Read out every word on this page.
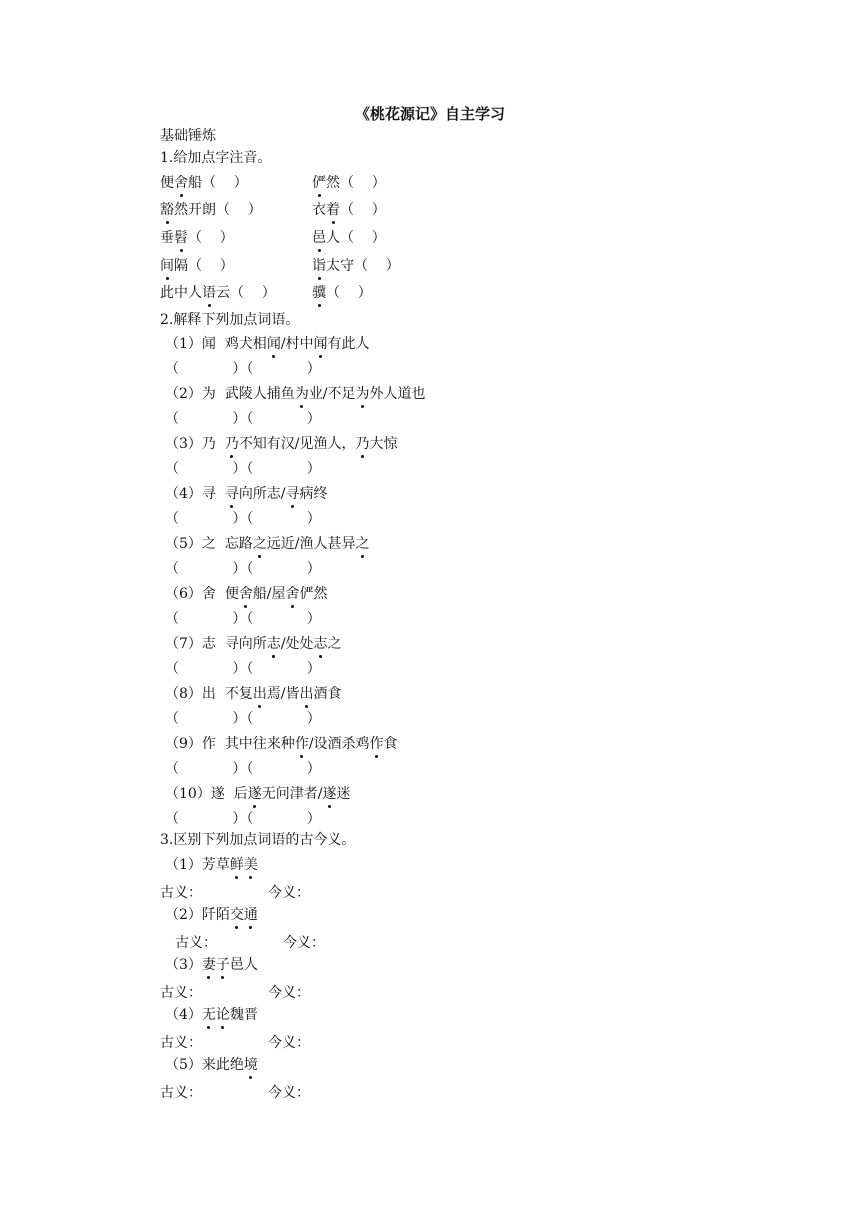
《桃花源记》自主学习
基础锤炼
1.给加点字注音。
便舍船（    ）	俨然（    ）
豁然开朗（    ）	衣着（    ）
垂髫（    ）	邑人（    ）
间隔（    ）	诣太守（    ）
此中人语云（    ）	骥（    ）
2.解释下列加点词语。
（1）闻  鸡犬相闻/村中闻有此人
（            ）（            ）
（2）为  武陵人捕鱼为业/不足为外人道也
（            ）（            ）
（3）乃  乃不知有汉/见渔人，乃大惊
（            ）（            ）
（4）寻  寻向所志/寻病终
（            ）（            ）
（5）之  忘路之远近/渔人甚异之
（            ）（            ）
（6）舍  便舍船/屋舍俨然
（            ）（            ）
（7）志  寻向所志/处处志之
（            ）（            ）
（8）出  不复出焉/皆出酒食
（            ）（            ）
（9）作  其中往来种作/设酒杀鸡作食
（            ）（            ）
（10）遂  后遂无问津者/遂迷
（            ）（            ）
3.区别下列加点词语的古今义。
（1）芳草鲜美
古义：	今义：
（2）阡陌交通
古义：	今义：
（3）妻子邑人
古义：	今义：
（4）无论魏晋
古义：	今义：
（5）来此绝境
古义：	今义：
